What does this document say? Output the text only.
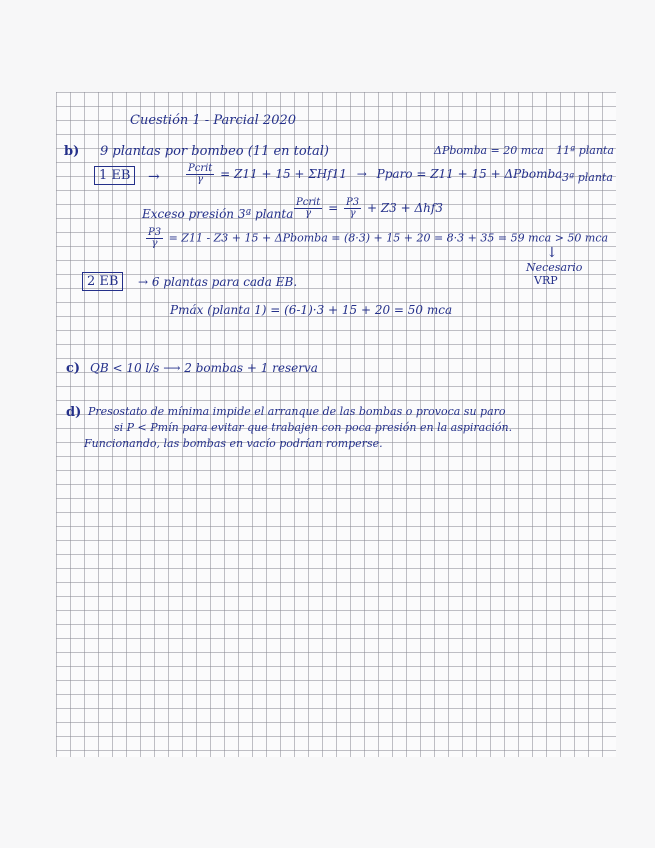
Cuestión 1 - Parcial 2020
b) 9 plantas por bombeo (11 en total)	ΔPbomba = 20 mca 11ª planta
3ª planta
1 EB	→	$\frac{\text{Pcrit}}{\gamma} = Z11 + 15 + \Sigma Hf11$ → Pparo = Z11 + 15 + ΔPbomba
Exceso presión 3ª planta $\frac{\text{Pcrit}}{\gamma} = \frac{P3}{\gamma} + Z3 + \Delta hf3$
$\frac{P3}{\gamma} = Z11 - Z3 + 15$ + ΔPbomba = (8·3) + 15 + 20 = 8·3 + 35 = 59 mca > 50 mca
↓
Necesario
VRP
2 EB	→ 6 plantas para cada EB.
Pmáx (planta 1) = (6-1)·3 + 15 + 20 = 50 mca
c) QB < 10 l/s ⟶ 2 bombas + 1 reserva
d) Presostato de mínima impide el arranque de las bombas o provoca su paro
si P < Pmín para evitar que trabajen con poca presión en la aspiración.
Funcionando, las bombas en vacío podrían romperse.
